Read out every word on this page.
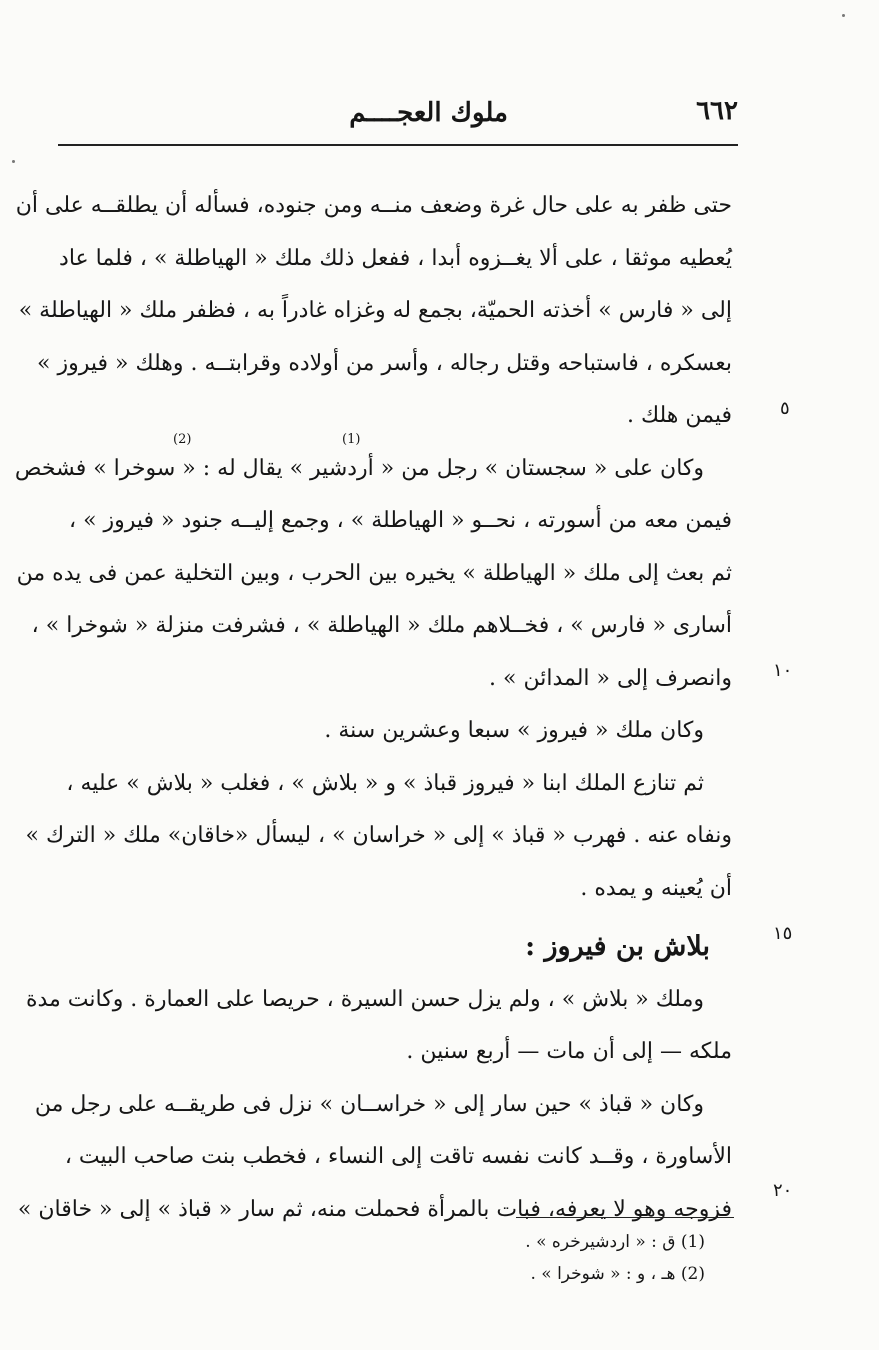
٦٦٢
ملوك العجــــم
حتى ظفر به على حال غرة وضعف منــه ومن جنوده، فسأله أن يطلقــه على أن
يُعطيه موثقا ، على ألا يغــزوه أبدا ، ففعل ذلك ملك « الهياطلة » ، فلما عاد
إلى « فارس » أخذته الحميّة، بجمع له وغزاه غادراً به ، فظفر ملك « الهياطلة »
بعسكره ، فاستباحه وقتل رجاله ، وأسر من أولاده وقرابتــه . وهلك « فيروز »
فيمن هلك .
وكان على « سجستان » رجل من « أردشير » يقال له : « سوخرا » فشخص
فيمن معه من أسورته ، نحــو « الهياطلة » ، وجمع إليــه جنود « فيروز » ،
ثم بعث إلى ملك « الهياطلة » يخيره بين الحرب ، وبين التخلية عمن فى يده من
أسارى « فارس » ، فخــلاهم ملك « الهياطلة » ، فشرفت منزلة « شوخرا » ،
وانصرف إلى « المدائن » .
وكان ملك « فيروز » سبعا وعشرين سنة .
ثم تنازع الملك ابنا « فيروز قباذ » و « بلاش » ، فغلب « بلاش » عليه ،
ونفاه عنه . فهرب « قباذ » إلى « خراسان » ، ليسأل «خاقان» ملك « الترك »
أن يُعينه و يمده .
بلاش بن فيروز :
وملك « بلاش » ، ولم يزل حسن السيرة ، حريصا على العمارة . وكانت مدة
ملكه — إلى أن مات — أربع سنين .
وكان « قباذ » حين سار إلى « خراســان » نزل فى طريقــه على رجل من
الأساورة ، وقــد كانت نفسه تاقت إلى النساء ، فخطب بنت صاحب البيت ،
فزوجه وهو لا يعرفه، فبات بالمرأة فحملت منه، ثم سار « قباذ » إلى « خاقان »
٥
١٠
١٥
٢٠
(1)
(2)
(1) ق : « اردشيرخره » .
(2) هـ ، و : « شوخرا » .
